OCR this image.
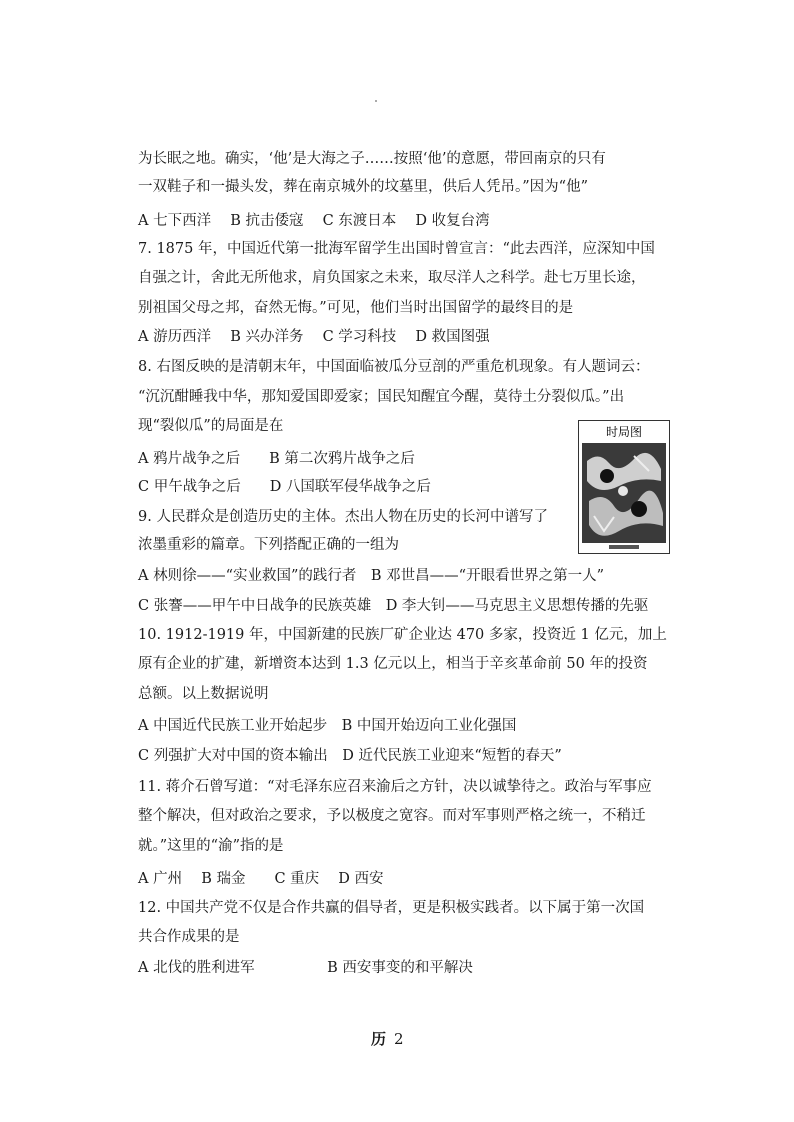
为长眠之地。确实，‘他’是大海之子……按照‘他’的意愿，带回南京的只有
一双鞋子和一撮头发，葬在南京城外的坟墓里，供后人凭吊。”因为“他”
A 七下西洋　 B 抗击倭寇　 C 东渡日本　 D 收复台湾
7. 1875 年，中国近代第一批海军留学生出国时曾宣言：“此去西洋，应深知中国
自强之计，舍此无所他求，肩负国家之未来，取尽洋人之科学。赴七万里长途，
别祖国父母之邦，奋然无悔。”可见，他们当时出国留学的最终目的是
A 游历西洋　 B 兴办洋务　 C 学习科技　 D 救国图强
8. 右图反映的是清朝末年，中国面临被瓜分豆剖的严重危机现象。有人题词云：
“沉沉酣睡我中华，那知爱国即爱家；国民知醒宜今醒，莫待土分裂似瓜。”出
现“裂似瓜”的局面是在
A 鸦片战争之后　　B 第二次鸦片战争之后
C 甲午战争之后　　D 八国联军侵华战争之后
9. 人民群众是创造历史的主体。杰出人物在历史的长河中谱写了
浓墨重彩的篇章。下列搭配正确的一组为
A 林则徐——“实业救国”的践行者　B 邓世昌——“开眼看世界之第一人”
C 张謇——甲午中日战争的民族英雄　D 李大钊——马克思主义思想传播的先驱
10. 1912-1919 年，中国新建的民族厂矿企业达 470 多家，投资近 1 亿元，加上
原有企业的扩建，新增资本达到 1.3 亿元以上，相当于辛亥革命前 50 年的投资
总额。以上数据说明
A 中国近代民族工业开始起步　B 中国开始迈向工业化强国
C 列强扩大对中国的资本输出　D 近代民族工业迎来“短暂的春天”
11. 蒋介石曾写道：“对毛泽东应召来渝后之方针，决以诚挚待之。政治与军事应
整个解决，但对政治之要求，予以极度之宽容。而对军事则严格之统一，不稍迁
就。”这里的“渝”指的是
A 广州　 B 瑞金　　C 重庆　 D 西安
12. 中国共产党不仅是合作共赢的倡导者，更是积极实践者。以下属于第一次国
共合作成果的是
A 北伐的胜利进军　　　　　B 西安事变的和平解决
时局图
历 2
